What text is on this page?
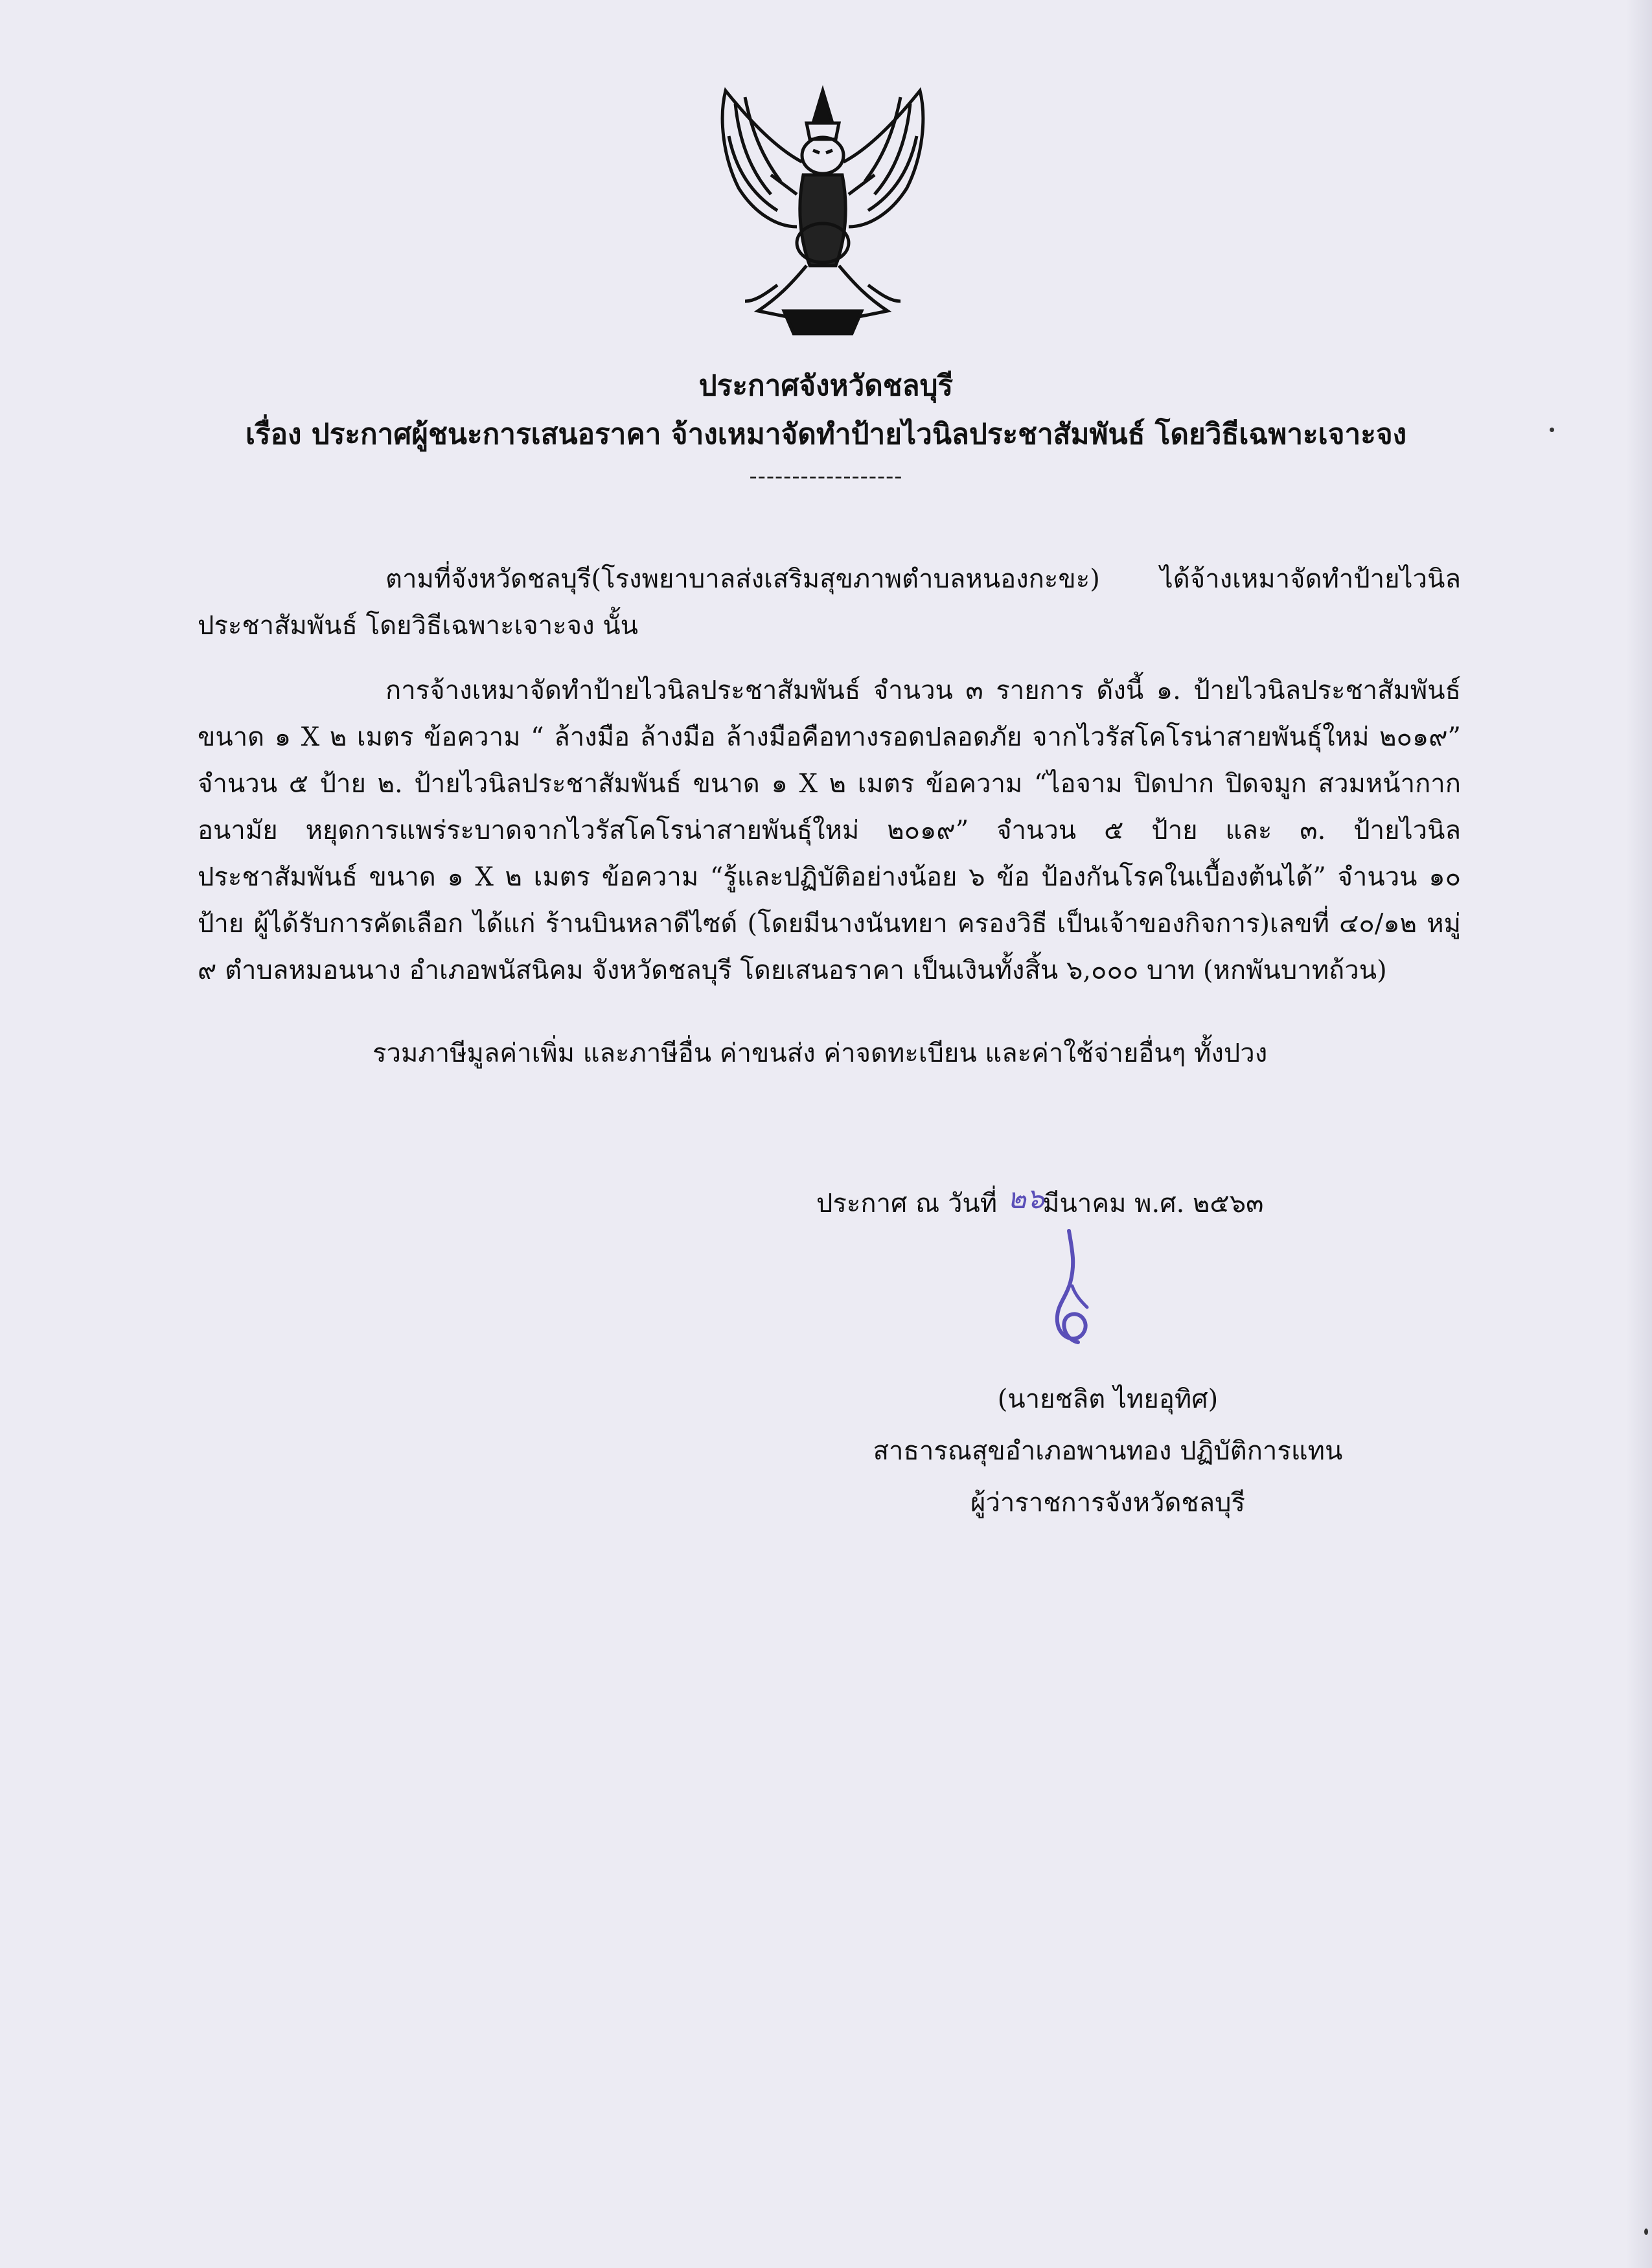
ประกาศจังหวัดชลบุรี
เรื่อง ประกาศผู้ชนะการเสนอราคา จ้างเหมาจัดทำป้ายไวนิลประชาสัมพันธ์ โดยวิธีเฉพาะเจาะจง
------------------

ตามที่จังหวัดชลบุรี(โรงพยาบาลส่งเสริมสุขภาพตำบลหนองกะขะ) ได้จ้างเหมาจัดทำป้ายไวนิลประชาสัมพันธ์ โดยวิธีเฉพาะเจาะจง นั้น

การจ้างเหมาจัดทำป้ายไวนิลประชาสัมพันธ์ จำนวน ๓ รายการ ดังนี้ ๑. ป้ายไวนิลประชาสัมพันธ์ ขนาด ๑ X ๒ เมตร ข้อความ “ ล้างมือ ล้างมือ ล้างมือคือทางรอดปลอดภัย จากไวรัสโคโรน่าสายพันธุ์ใหม่ ๒๐๑๙” จำนวน ๕ ป้าย ๒. ป้ายไวนิลประชาสัมพันธ์ ขนาด ๑ X ๒ เมตร ข้อความ “ไอจาม ปิดปาก ปิดจมูก สวมหน้ากากอนามัย หยุดการแพร่ระบาดจากไวรัสโคโรน่าสายพันธุ์ใหม่ ๒๐๑๙” จำนวน ๕ ป้าย และ ๓. ป้ายไวนิลประชาสัมพันธ์ ขนาด ๑ X ๒ เมตร ข้อความ “รู้และปฏิบัติอย่างน้อย ๖ ข้อ ป้องกันโรคในเบื้องต้นได้” จำนวน ๑๐ ป้าย ผู้ได้รับการคัดเลือก ได้แก่ ร้านบินหลาดีไซด์ (โดยมีนางนันทยา ครองวิธี เป็นเจ้าของกิจการ)เลขที่ ๔๐/๑๒ หมู่ ๙ ตำบลหมอนนาง อำเภอพนัสนิคม จังหวัดชลบุรี โดยเสนอราคา เป็นเงินทั้งสิ้น ๖,๐๐๐ บาท (หกพันบาทถ้วน)

รวมภาษีมูลค่าเพิ่ม และภาษีอื่น ค่าขนส่ง ค่าจดทะเบียน และค่าใช้จ่ายอื่นๆ ทั้งปวง

ประกาศ ณ วันที่ มีนาคม พ.ศ. ๒๕๖๓
๒๖
(นายชลิต ไทยอุทิศ)
สาธารณสุขอำเภอพานทอง ปฏิบัติการแทน
ผู้ว่าราชการจังหวัดชลบุรี
